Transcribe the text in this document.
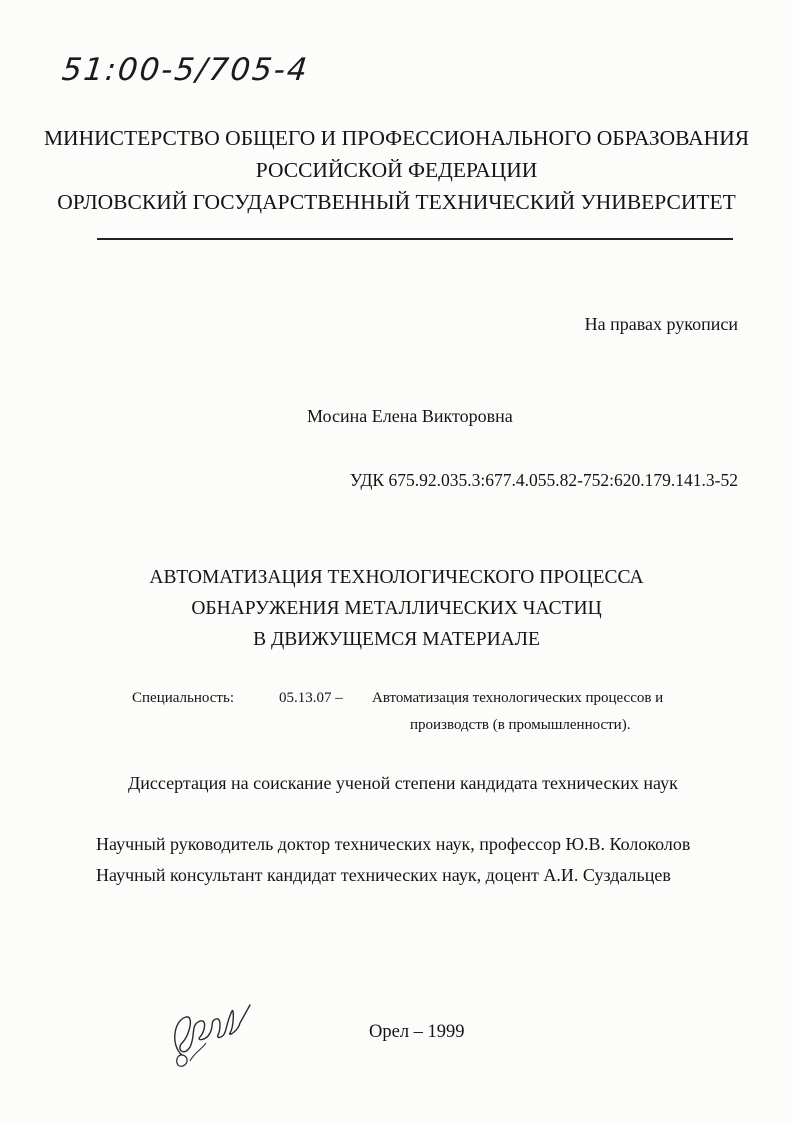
51:00-5/705-4
МИНИСТЕРСТВО ОБЩЕГО И ПРОФЕССИОНАЛЬНОГО ОБРАЗОВАНИЯ
РОССИЙСКОЙ ФЕДЕРАЦИИ
ОРЛОВСКИЙ ГОСУДАРСТВЕННЫЙ ТЕХНИЧЕСКИЙ УНИВЕРСИТЕТ
На правах рукописи
Мосина Елена Викторовна
УДК 675.92.035.3:677.4.055.82-752:620.179.141.3-52
АВТОМАТИЗАЦИЯ ТЕХНОЛОГИЧЕСКОГО ПРОЦЕССА
ОБНАРУЖЕНИЯ МЕТАЛЛИЧЕСКИХ ЧАСТИЦ
В ДВИЖУЩЕМСЯ МАТЕРИАЛЕ
Специальность:	05.13.07 – Автоматизация технологических процессов и
производств (в промышленности).
Диссертация на соискание ученой степени кандидата технических наук
Научный руководитель доктор технических наук, профессор Ю.В. Колоколов
Научный консультант кандидат технических наук, доцент А.И. Суздальцев
Орел – 1999
